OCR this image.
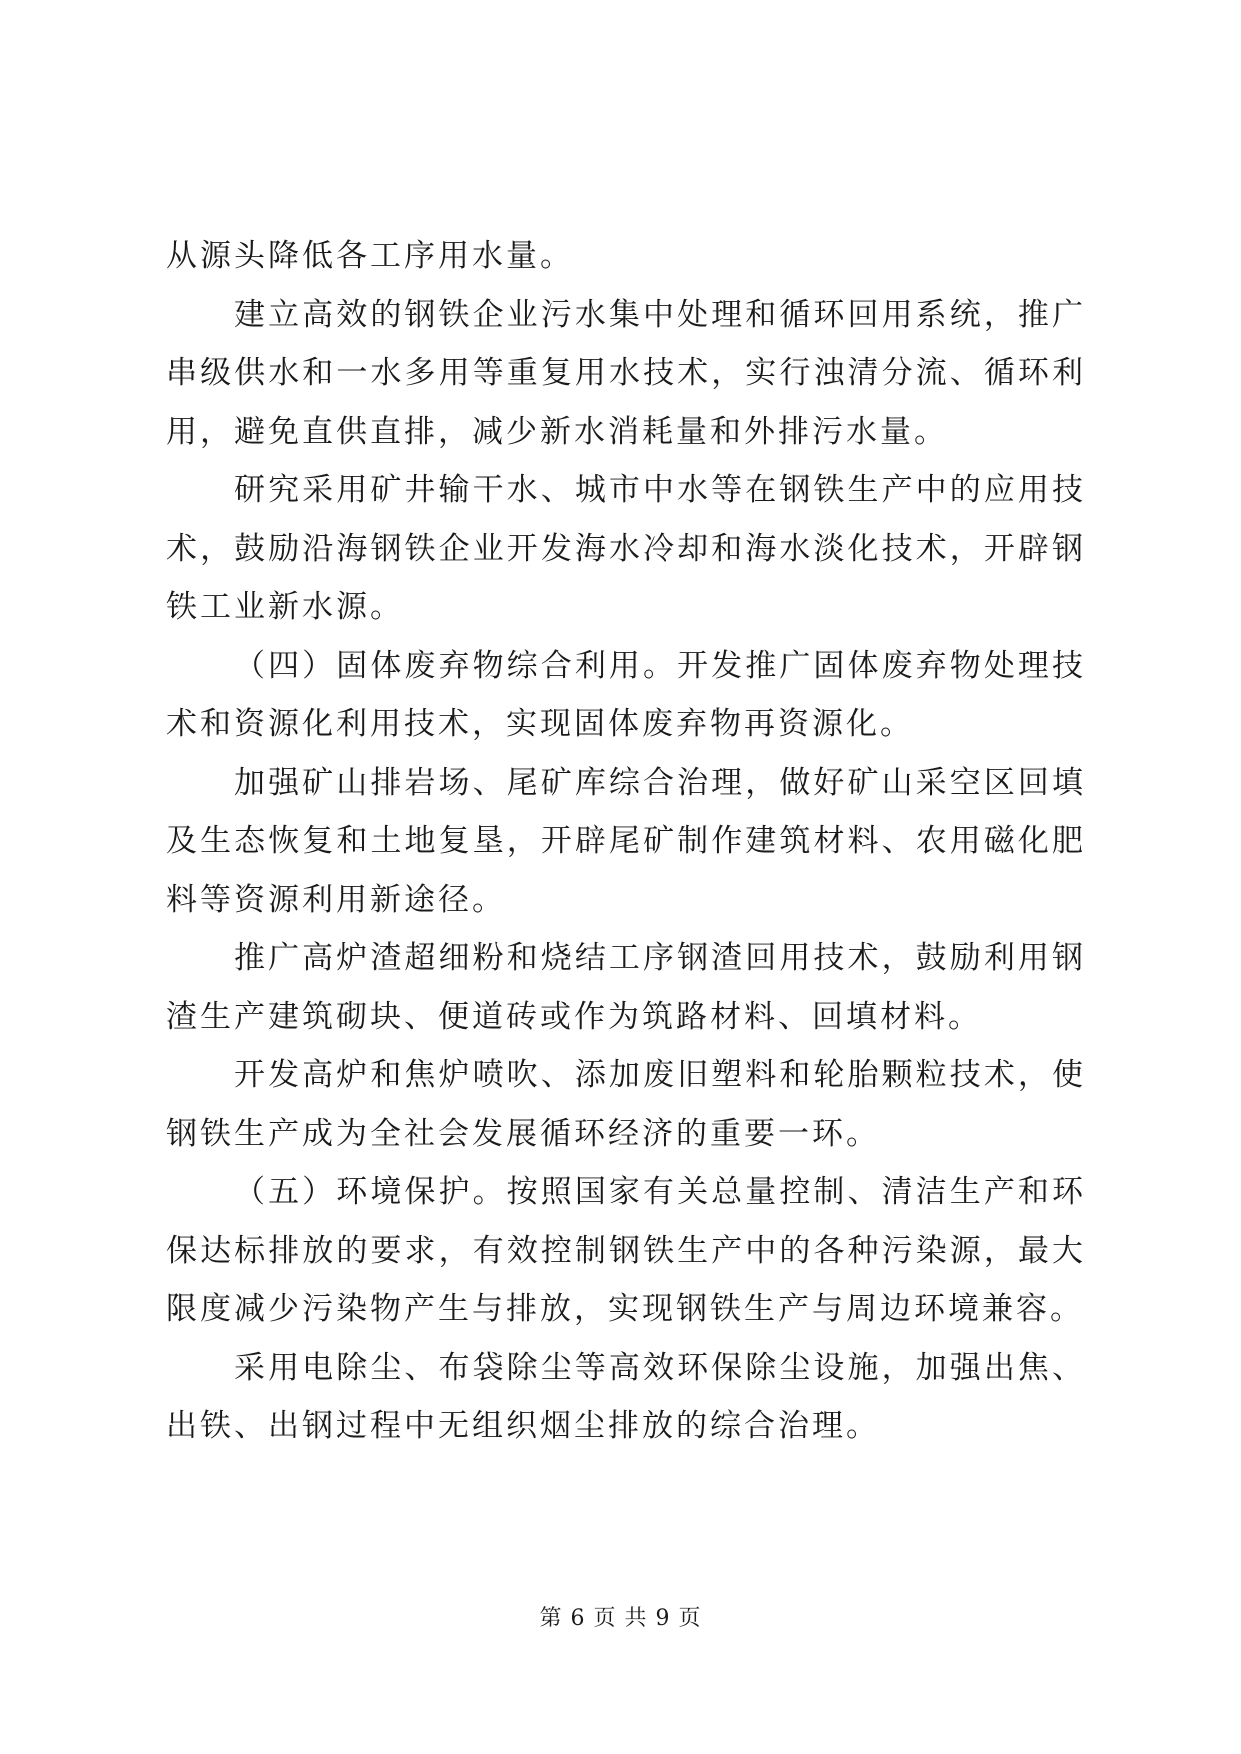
从源头降低各工序用水量。

建立高效的钢铁企业污水集中处理和循环回用系统，推广串级供水和一水多用等重复用水技术，实行浊清分流、循环利用，避免直供直排，减少新水消耗量和外排污水量。

研究采用矿井输干水、城市中水等在钢铁生产中的应用技术，鼓励沿海钢铁企业开发海水冷却和海水淡化技术，开辟钢铁工业新水源。

（四）固体废弃物综合利用。开发推广固体废弃物处理技术和资源化利用技术，实现固体废弃物再资源化。

加强矿山排岩场、尾矿库综合治理，做好矿山采空区回填及生态恢复和土地复垦，开辟尾矿制作建筑材料、农用磁化肥料等资源利用新途径。

推广高炉渣超细粉和烧结工序钢渣回用技术，鼓励利用钢渣生产建筑砌块、便道砖或作为筑路材料、回填材料。

开发高炉和焦炉喷吹、添加废旧塑料和轮胎颗粒技术，使钢铁生产成为全社会发展循环经济的重要一环。

（五）环境保护。按照国家有关总量控制、清洁生产和环保达标排放的要求，有效控制钢铁生产中的各种污染源，最大限度减少污染物产生与排放，实现钢铁生产与周边环境兼容。

采用电除尘、布袋除尘等高效环保除尘设施，加强出焦、出铁、出钢过程中无组织烟尘排放的综合治理。

第 6 页 共 9 页
